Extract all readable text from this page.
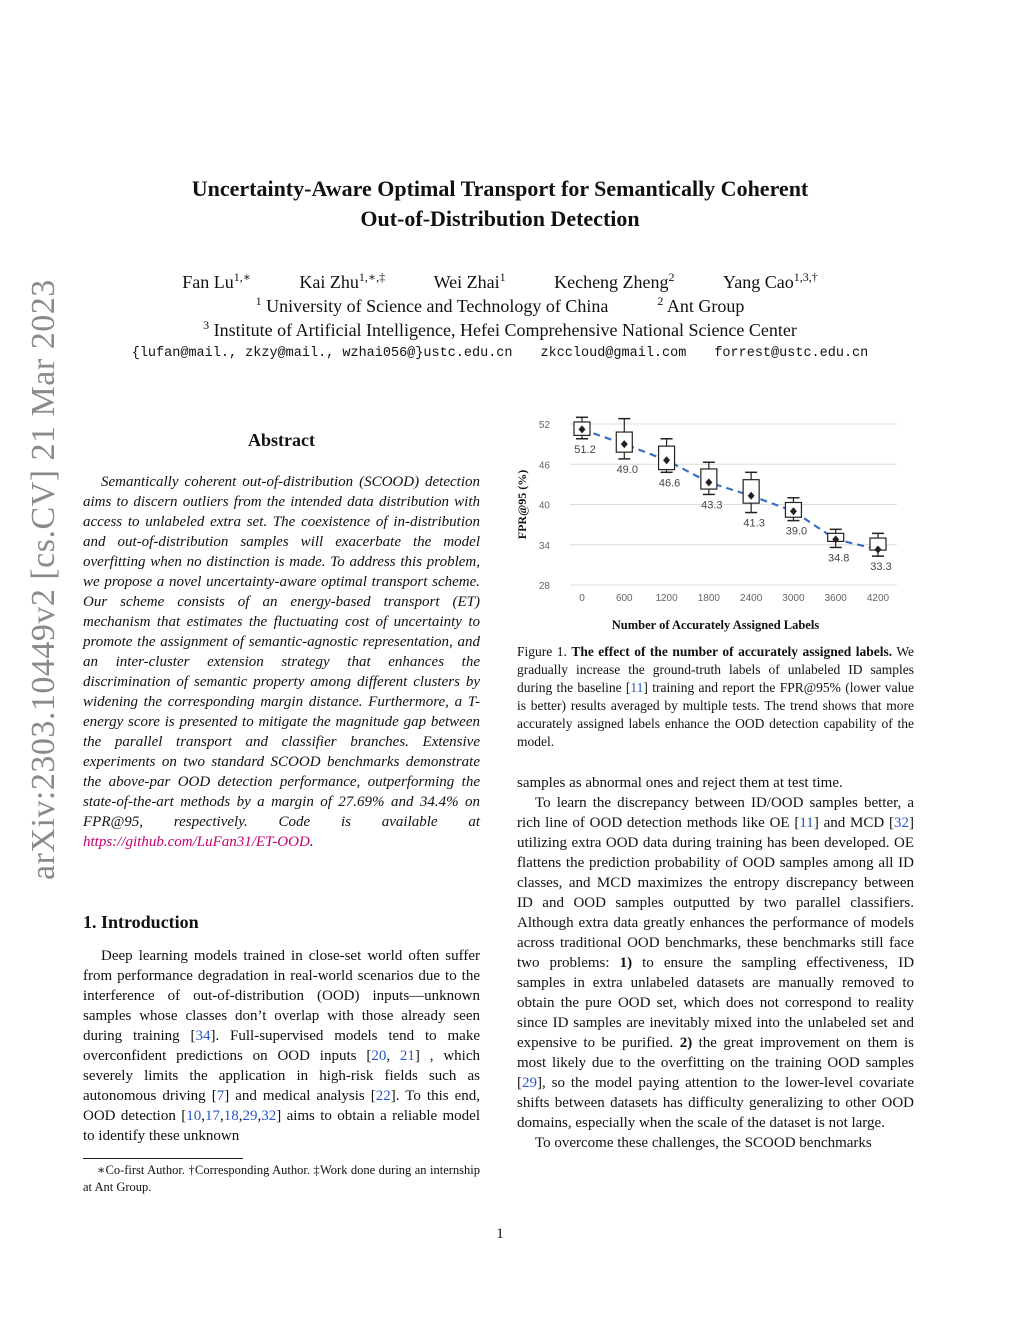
arXiv:2303.10449v2 [cs.CV] 21 Mar 2023
Uncertainty-Aware Optimal Transport for Semantically Coherent
Out-of-Distribution Detection
Fan $Lu^{1,∗}$	Kai Zhu$^{1,∗,\ddagger}$	Wei Zhai$^1$	Kecheng Zheng$^2$	Yang Cao$^{1,3,\dagger}$
$^1$ University of Science and Technology of China	$^2$ Ant Group
$^3$ Institute of Artificial Intelligence, Hefei Comprehensive National Science Center
{lufan@mail., zkzy@mail., wzhai056@}ustc.edu.cn zkccloud@gmail.com forrest@ustc.edu.cn
Abstract

Semantically coherent out-of-distribution (SCOOD) detection aims to discern outliers from the intended data distribution with access to unlabeled extra set. The coexistence of in-distribution and out-of-distribution samples will exacerbate the model overfitting when no distinction is made. To address this problem, we propose a novel uncertainty-aware optimal transport scheme. Our scheme consists of an energy-based transport (ET) mechanism that estimates the fluctuating cost of uncertainty to promote the assignment of semantic-agnostic representation, and an inter-cluster extension strategy that enhances the discrimination of semantic property among different clusters by widening the corresponding margin distance. Furthermore, a T-energy score is presented to mitigate the magnitude gap between the parallel transport and classifier branches. Extensive experiments on two standard SCOOD benchmarks demonstrate the above-par OOD detection performance, outperforming the state-of-the-art methods by a margin of 27.69% and 34.4% on FPR@95, respectively. Code is available at https://github.com/LuFan31/ET-OOD.

1. Introduction

Deep learning models trained in close-set world often suffer from performance degradation in real-world scenarios due to the interference of out-of-distribution (OOD) inputs—unknown samples whose classes don’t overlap with those already seen during training [34]. Full-supervised models tend to make overconfident predictions on OOD inputs [20, 21] , which severely limits the application in high-risk fields such as autonomous driving [7] and medical analysis [22]. To this end, OOD detection [10,17,18,29,32] aims to obtain a reliable model to identify these unknown

∗Co-first Author. †Corresponding Author. ‡Work done during an internship at Ant Group.

FPR@95 (%)
28
34
40
46
52
0	600 1200 1800 2400 3000 3600 4200
51.2
49.0
46.6
43.3
41.3
39.0
34.8
33.3
Number of Accurately Assigned Labels

Figure 1. The effect of the number of accurately assigned labels. We gradually increase the ground-truth labels of unlabeled ID samples during the baseline [11] training and report the FPR@95% (lower value is better) results averaged by multiple tests. The trend shows that more accurately assigned labels enhance the OOD detection capability of the model.

samples as abnormal ones and reject them at test time.

To learn the discrepancy between ID/OOD samples better, a rich line of OOD detection methods like OE [11] and MCD [32] utilizing extra OOD data during training has been developed. OE flattens the prediction probability of OOD samples among all ID classes, and MCD maximizes the entropy discrepancy between ID and OOD samples outputted by two parallel classifiers. Although extra data greatly enhances the performance of models across traditional OOD benchmarks, these benchmarks still face two problems: 1) to ensure the sampling effectiveness, ID samples in extra unlabeled datasets are manually removed to obtain the pure OOD set, which does not correspond to reality since ID samples are inevitably mixed into the unlabeled set and expensive to be purified. 2) the great improvement on them is most likely due to the overfitting on the training OOD samples [29], so the model paying attention to the lower-level covariate shifts between datasets has difficulty generalizing to other OOD domains, especially when the scale of the dataset is not large.

To overcome these challenges, the SCOOD benchmarks

1
